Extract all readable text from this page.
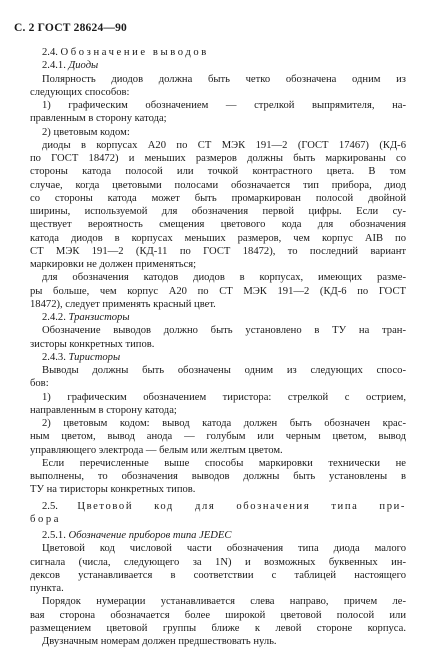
С. 2 ГОСТ 28624—90
2.4. Обозначение выводов
2.4.1. Диоды
Полярность диодов должна быть четко обозначена одним из
следующих способов:
1) графическим обозначением — стрелкой выпрямителя, на-
правленным в сторону катода;
2) цветовым кодом:
диоды в корпусах А20 по СТ МЭК 191—2 (ГОСТ 17467) (КД-6
по ГОСТ 18472) и меньших размеров должны быть маркированы со
стороны катода полосой или точкой контрастного цвета. В том
случае, когда цветовыми полосами обозначается тип прибора, диод
со стороны катода может быть промаркирован полосой двойной
ширины, используемой для обозначения первой цифры. Если су-
ществует вероятность смещения цветового кода для обозначения
катода диодов в корпусах меньших размеров, чем корпус АIВ по
СТ МЭК 191—2 (КД-11 по ГОСТ 18472), то последний вариант
маркировки не должен применяться;
для обозначения катодов диодов в корпусах, имеющих разме-
ры больше, чем корпус А20 по СТ МЭК 191—2 (КД-6 по ГОСТ
18472), следует применять красный цвет.
2.4.2. Транзисторы
Обозначение выводов должно быть установлено в ТУ на тран-
зисторы конкретных типов.
2.4.3. Тиристоры
Выводы должны быть обозначены одним из следующих спосо-
бов:
1) графическим обозначением тиристора: стрелкой с острием,
направленным в сторону катода;
2) цветовым кодом: вывод катода должен быть обозначен крас-
ным цветом, вывод анода — голубым или черным цветом, вывод
управляющего электрода — белым или желтым цветом.
Если перечисленные выше способы маркировки технически не
выполнены, то обозначения выводов должны быть установлены в
ТУ на тиристоры конкретных типов.
2.5. Цветовой код для обозначения типа при-
бора
2.5.1. Обозначение приборов типа JEDEC
Цветовой код числовой части обозначения типа диода малого
сигнала (числа, следующего за 1N) и возможных буквенных ин-
дексов устанавливается в соответствии с таблицей настоящего
пункта.
Порядок нумерации устанавливается слева направо, причем ле-
вая сторона обозначается более широкой цветовой полосой или
размещением цветовой группы ближе к левой стороне корпуса.
Двузначным номерам должен предшествовать нуль.
